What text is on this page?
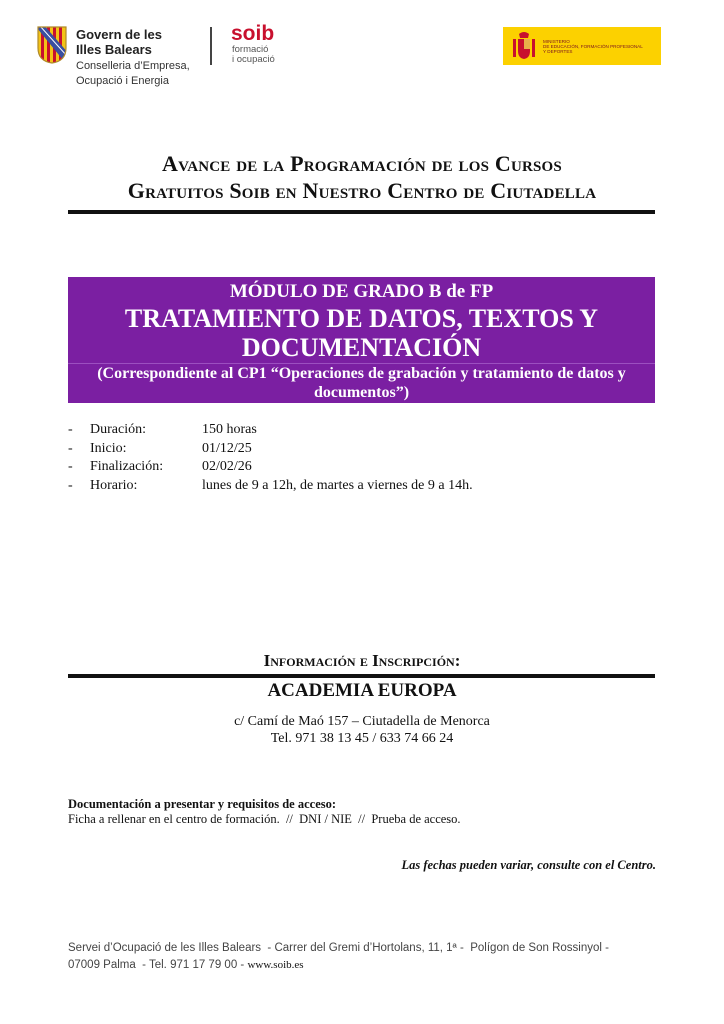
Govern de les
Illes Balears
Conselleria d’Empresa,
Ocupació i Energia
soib
formació
i ocupació
MINISTERIO
DE EDUCACIÓN, FORMACIÓN PROFESIONAL
Y DEPORTES
Avance de la Programación de los Cursos
Gratuitos Soib en Nuestro Centro de Ciutadella
MÓDULO DE GRADO B de FP
TRATAMIENTO DE DATOS, TEXTOS Y
DOCUMENTACIÓN
(Correspondiente al CP1 “Operaciones de grabación y tratamiento de datos y
documentos”)
-	Duración:	150 horas
-	Inicio:	01/12/25
-	Finalización:	02/02/26
-	Horario:	lunes de 9 a 12h, de martes a viernes de 9 a 14h.
Información e Inscripción:
ACADEMIA EUROPA
c/ Camí de Maó 157 – Ciutadella de Menorca
Tel. 971 38 13 45 / 633 74 66 24
Documentación a presentar y requisitos de acceso:
Ficha a rellenar en el centro de formación.  //  DNI / NIE  //  Prueba de acceso.
Las fechas pueden variar, consulte con el Centro.
Servei d’Ocupació de les Illes Balears  - Carrer del Gremi d’Hortolans, 11, 1ª -  Polígon de Son Rossinyol -
07009 Palma  - Tel. 971 17 79 00 - www.soib.es
